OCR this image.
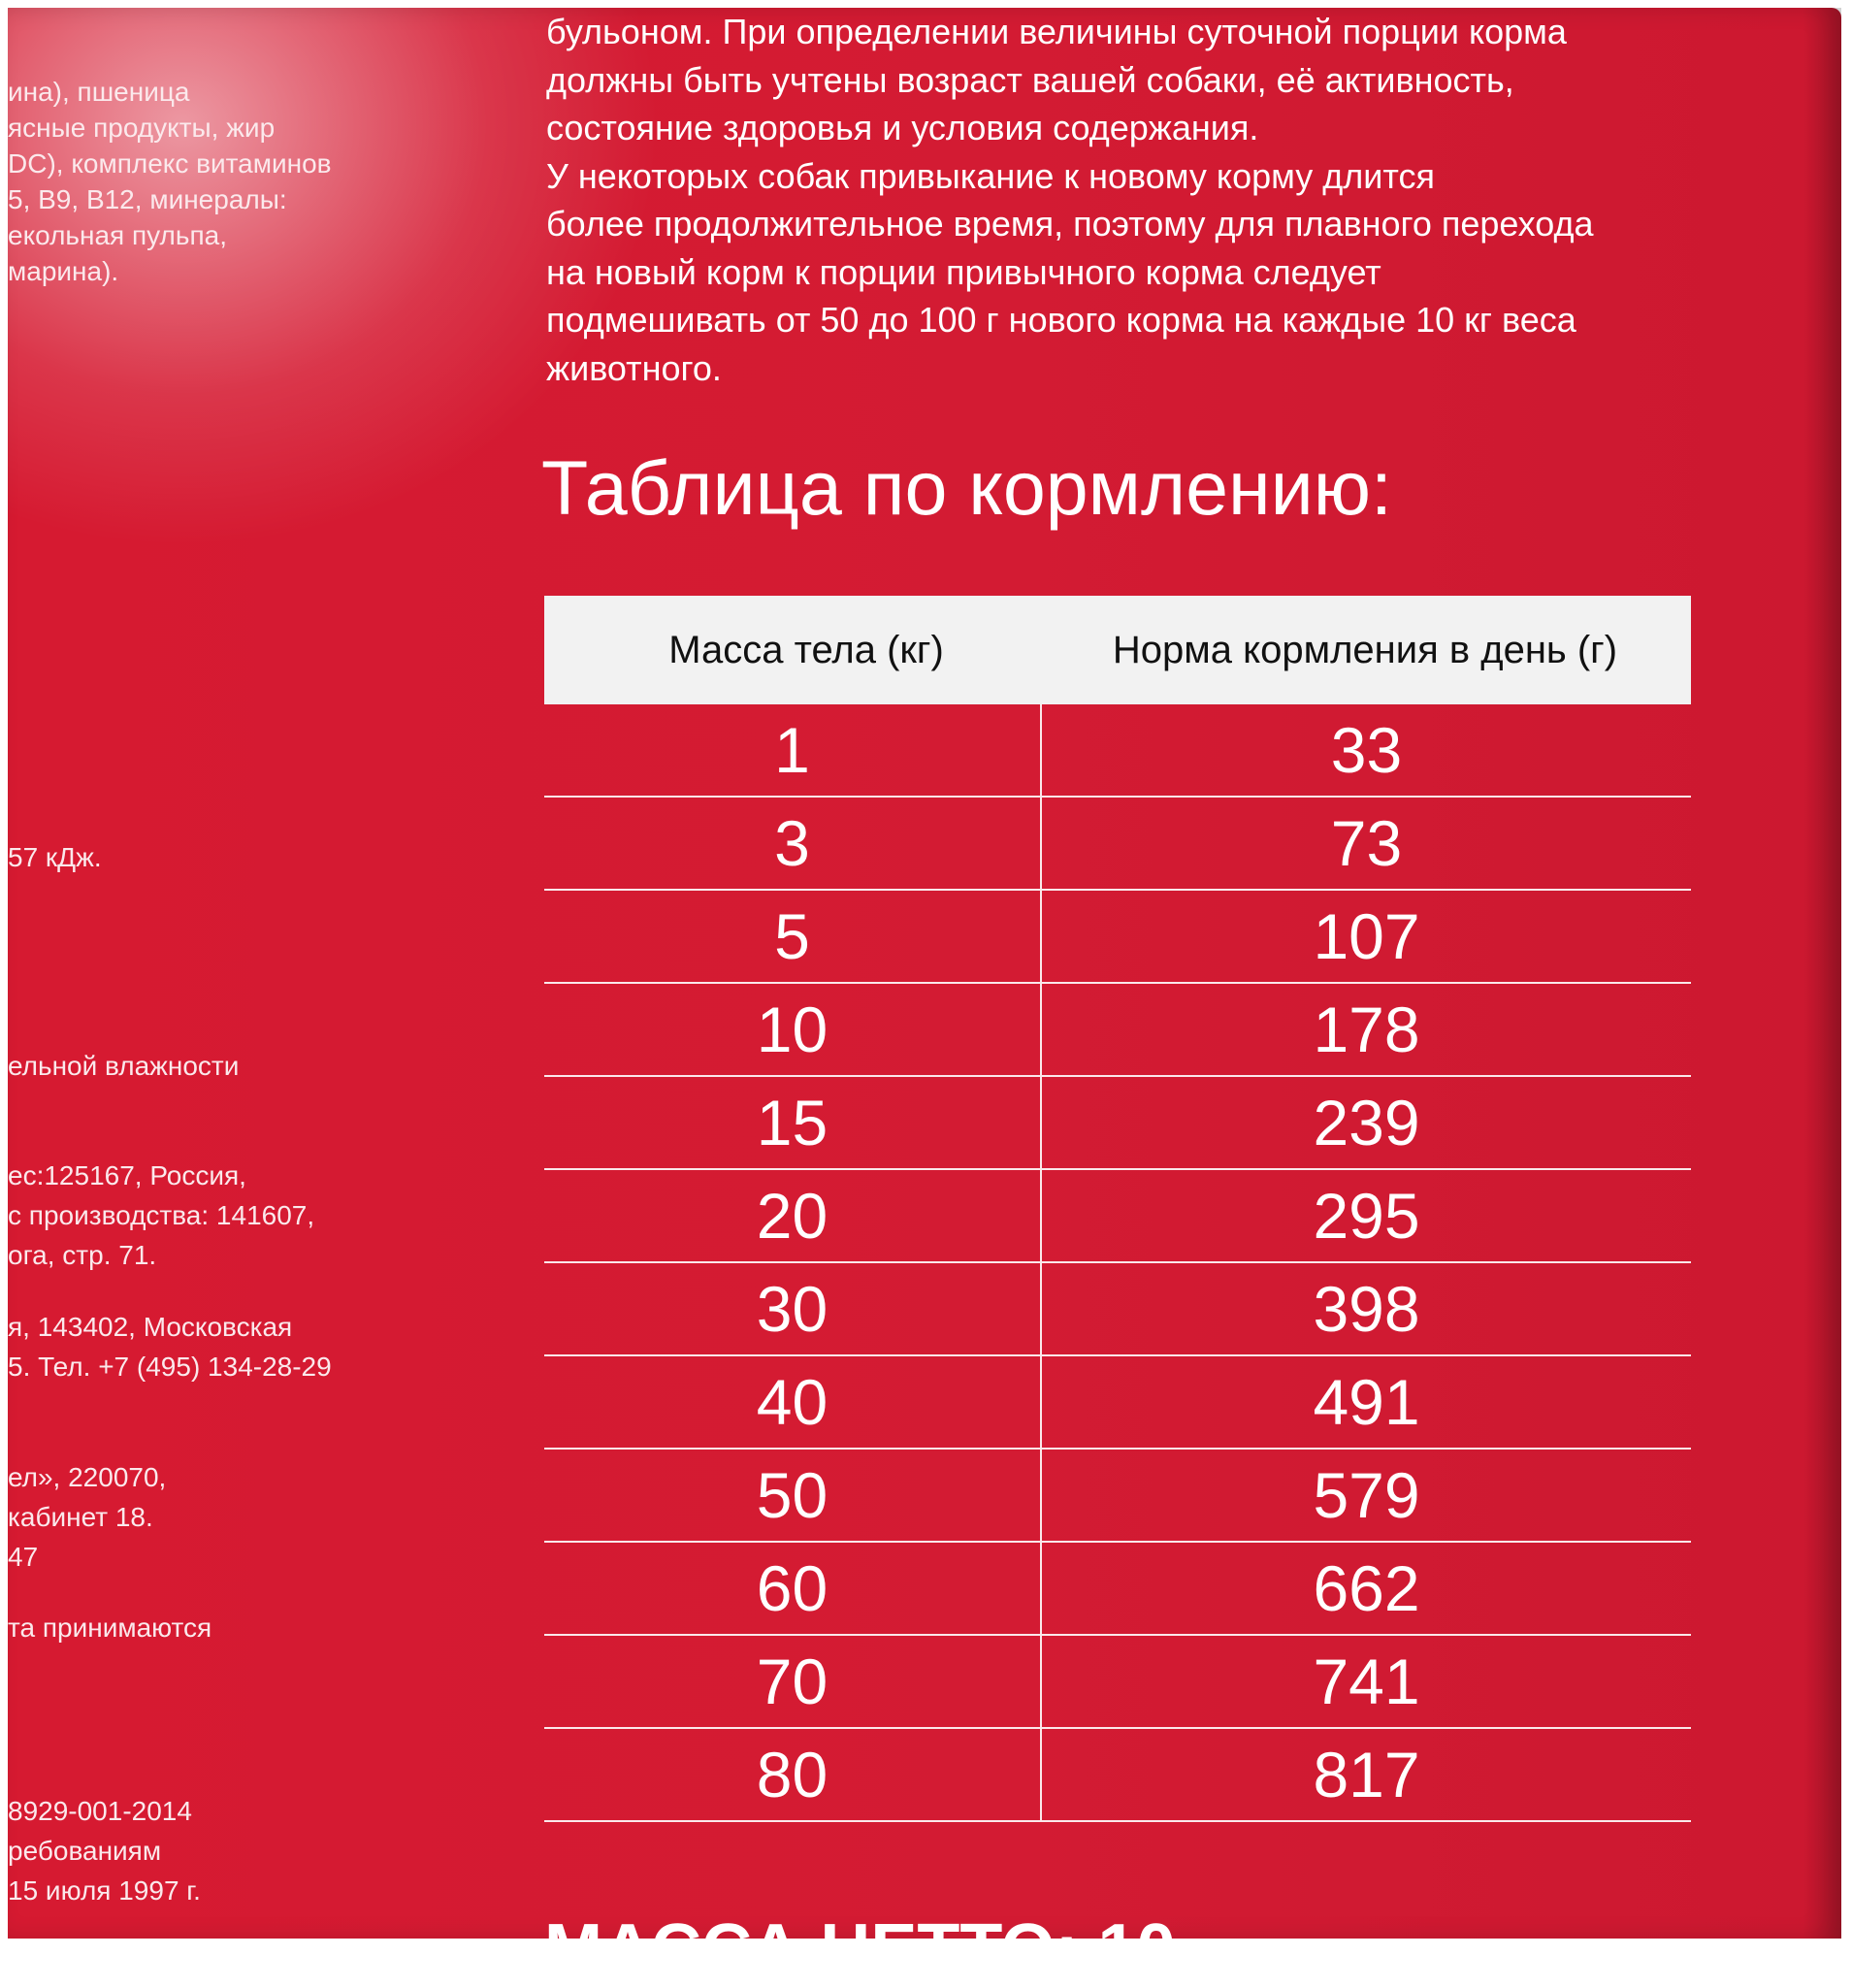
ина), пшеница
ясные продукты, жир
DC), комплекс витаминов
5, B9, B12, минералы:
екольная пульпа,
марина).
57 кДж.
ельной влажности
ес:125167, Россия,
с производства: 141607,
ога, стр. 71.
я, 143402, Московская
5. Тел. +7 (495) 134-28-29
ел», 220070,
кабинет 18.
47
та принимаются
8929-001-2014
ребованиям
15 июля 1997 г.
бульоном. При определении величины суточной порции корма
должны быть учтены возраст вашей собаки, её активность,
состояние здоровья и условия содержания.
У некоторых собак привыкание к новому корму длится
более продолжительное время, поэтому для плавного перехода
на новый корм к порции привычного корма следует
подмешивать от 50 до 100 г нового корма на каждые 10 кг веса
животного.
Таблица по кормлению:
Масса тела (кг)	Норма кормления в день (г)
1	33
3	73
5	107
10	178
15	239
20	295
30	398
40	491
50	579
60	662
70	741
80	817
МАССА НЕТТО: 10
